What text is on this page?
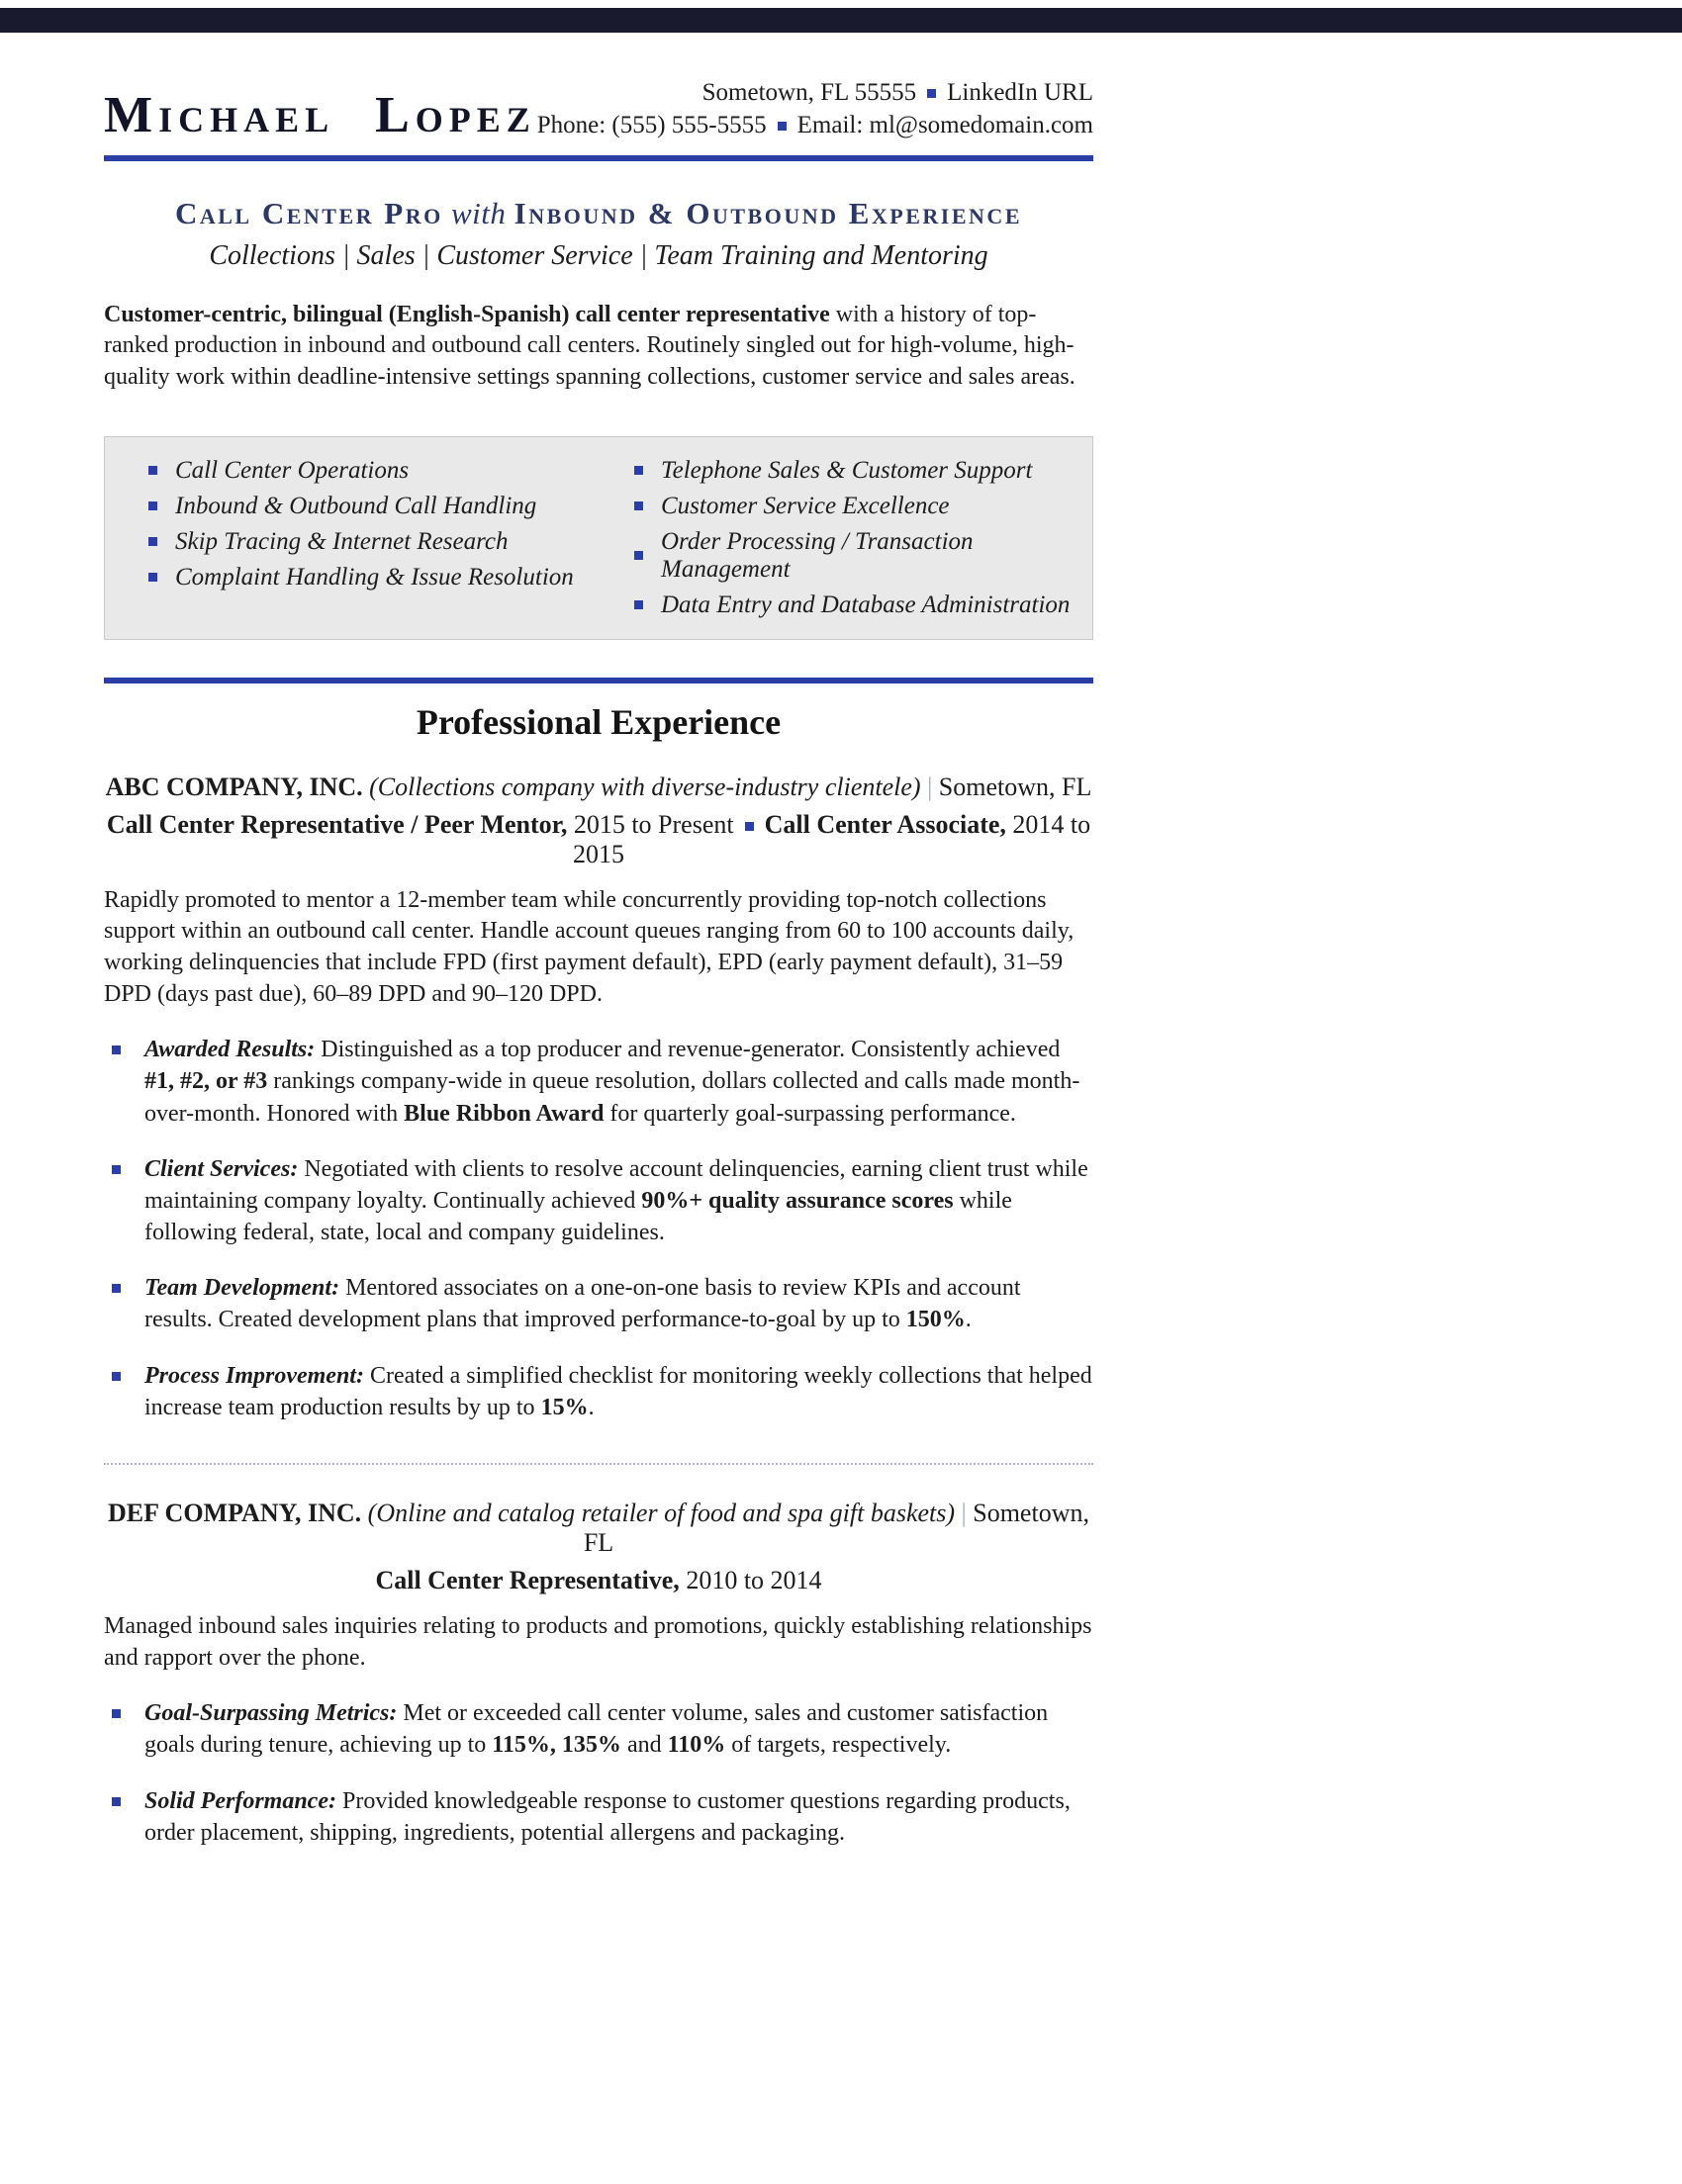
Michael Lopez	Sometown, FL 55555 LinkedIn URL
Phone: (555) 555-5555 Email: ml@somedomain.com
Call Center Pro with Inbound & Outbound Experience
Collections | Sales | Customer Service | Team Training and Mentoring

Customer-centric, bilingual (English-Spanish) call center representative with a history of top-ranked production in inbound and outbound call centers. Routinely singled out for high-volume, high-quality work within deadline-intensive settings spanning collections, customer service and sales areas.

Call Center Operations
Inbound & Outbound Call Handling
Skip Tracing & Internet Research
Complaint Handling & Issue Resolution
Telephone Sales & Customer Support
Customer Service Excellence
Order Processing / Transaction Management
Data Entry and Database Administration
Professional Experience
ABC COMPANY, INC. (Collections company with diverse-industry clientele) | Sometown, FL
Call Center Representative / Peer Mentor, 2015 to Present Call Center Associate, 2014 to 2015

Rapidly promoted to mentor a 12-member team while concurrently providing top-notch collections support within an outbound call center. Handle account queues ranging from 60 to 100 accounts daily, working delinquencies that include FPD (first payment default), EPD (early payment default), 31–59 DPD (days past due), 60–89 DPD and 90–120 DPD.

Awarded Results: Distinguished as a top producer and revenue-generator. Consistently achieved #1, #2, or #3 rankings company-wide in queue resolution, dollars collected and calls made month-over-month. Honored with Blue Ribbon Award for quarterly goal-surpassing performance.
Client Services: Negotiated with clients to resolve account delinquencies, earning client trust while maintaining company loyalty. Continually achieved 90%+ quality assurance scores while following federal, state, local and company guidelines.
Team Development: Mentored associates on a one-on-one basis to review KPIs and account results. Created development plans that improved performance-to-goal by up to 150%.
Process Improvement: Created a simplified checklist for monitoring weekly collections that helped increase team production results by up to 15%.
DEF COMPANY, INC. (Online and catalog retailer of food and spa gift baskets) | Sometown, FL
Call Center Representative, 2010 to 2014

Managed inbound sales inquiries relating to products and promotions, quickly establishing relationships and rapport over the phone.

Goal-Surpassing Metrics: Met or exceeded call center volume, sales and customer satisfaction goals during tenure, achieving up to 115%, 135% and 110% of targets, respectively.
Solid Performance: Provided knowledgeable response to customer questions regarding products, order placement, shipping, ingredients, potential allergens and packaging.
